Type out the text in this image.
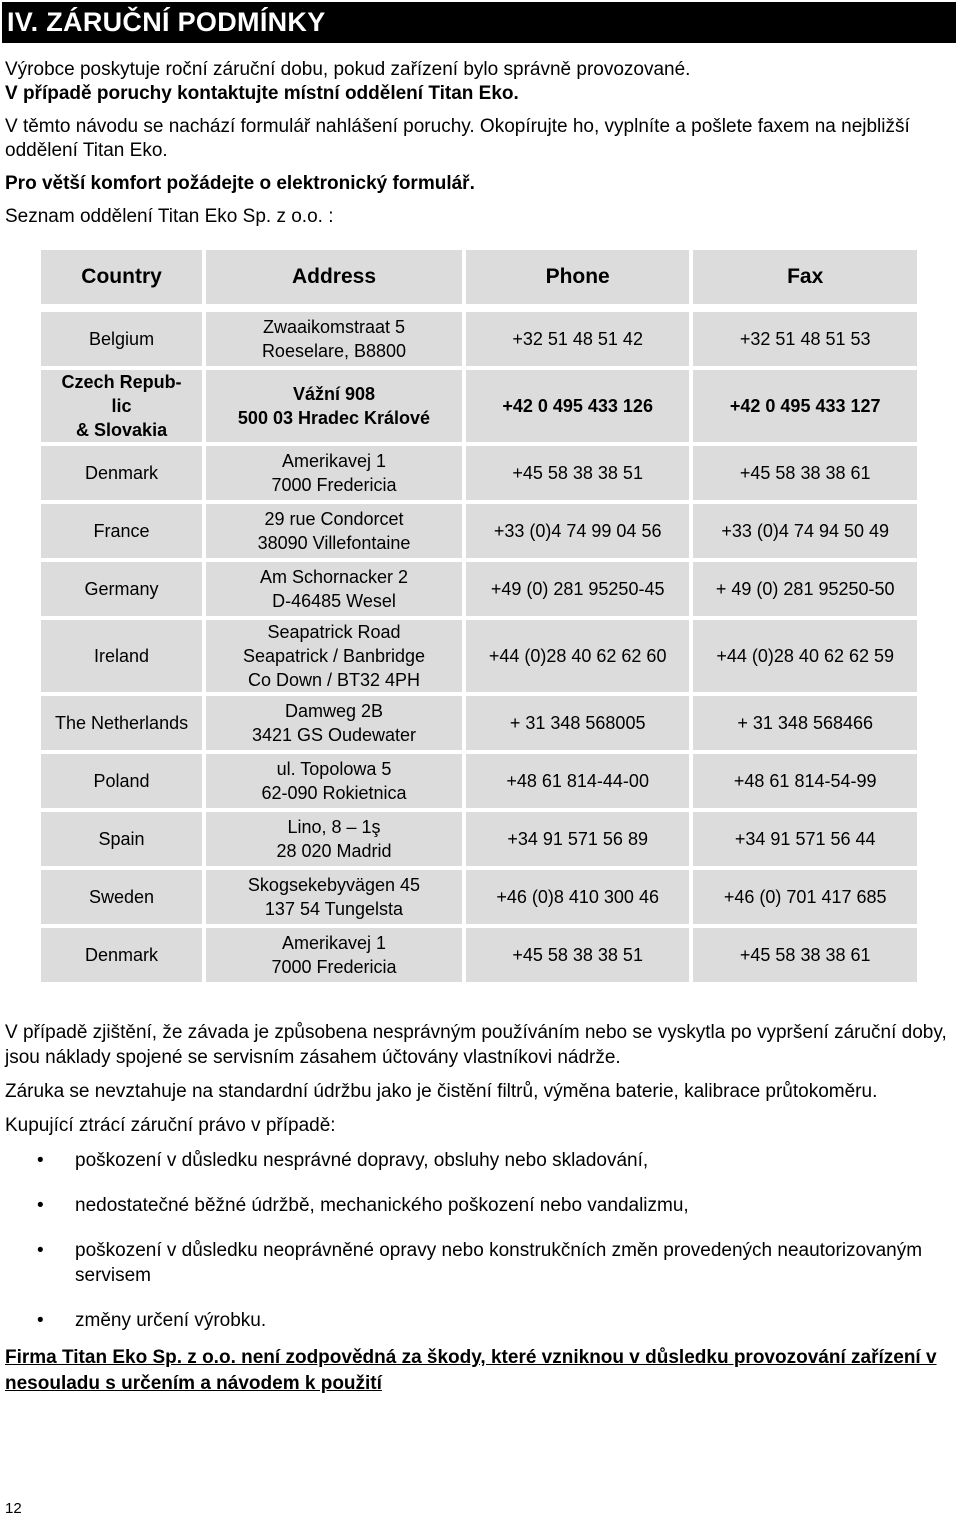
IV. ZÁRUČNÍ PODMÍNKY

Výrobce poskytuje roční záruční dobu, pokud zařízení bylo správně provozované.

V případě poruchy kontaktujte místní oddělení Titan Eko.

V těmto návodu se nachází formulář nahlášení poruchy. Okopírujte ho, vyplníte a pošlete faxem na nejbližší oddělení Titan Eko.

Pro větší komfort požádejte o elektronický formulář.

Seznam oddělení Titan Eko Sp. z o.o. :

Country	Address	Phone	Fax

Belgium	Zwaaikomstraat 5
Roeselare, B8800	+32 51 48 51 42	+32 51 48 51 53

Czech Repub-
lic
& Slovakia	Vážní 908
500 03 Hradec Králové	+42 0 495 433 126	+42 0 495 433 127
Denmark	Amerikavej 1
7000 Fredericia	+45 58 38 38 51	+45 58 38 38 61
France	29 rue Condorcet
38090 Villefontaine	+33 (0)4 74 99 04 56	+33 (0)4 74 94 50 49
Germany	Am Schornacker 2
D-46485 Wesel	+49 (0) 281 95250-45	+ 49 (0) 281 95250-50
Ireland	Seapatrick Road
Seapatrick / Banbridge
Co Down / BT32 4PH	+44 (0)28 40 62 62 60	+44 (0)28 40 62 62 59
The Netherlands	Damweg 2B
3421 GS Oudewater	+ 31 348 568005	+ 31 348 568466
Poland	ul. Topolowa 5
62-090 Rokietnica	+48 61 814-44-00	+48 61 814-54-99
Spain	Lino, 8 – 1ş
28 020 Madrid	+34 91 571 56 89	+34 91 571 56 44
Sweden	Skogsekebyvägen 45
137 54 Tungelsta	+46 (0)8 410 300 46	+46 (0) 701 417 685
Denmark	Amerikavej 1
7000 Fredericia	+45 58 38 38 51	+45 58 38 38 61

V případě zjištění, že závada je způsobena nesprávným používáním nebo se vyskytla po vypršení záruční doby, jsou náklady spojené se servisním zásahem účtovány vlastníkovi nádrže.

Záruka se nevztahuje na standardní údržbu jako je čistění filtrů, výměna baterie, kalibrace průtokoměru.

Kupující ztrácí záruční právo v případě:

• poškození v důsledku nesprávné dopravy, obsluhy nebo skladování,
• nedostatečné běžné údržbě, mechanického poškození nebo vandalizmu,
• poškození v důsledku neoprávněné opravy nebo konstrukčních změn provedených neautorizovaným servisem
• změny určení výrobku.
Firma Titan Eko Sp. z o.o. není zodpovědná za škody, které vzniknou v důsledku provozování zařízení v nesouladu s určením a návodem k použití
12
